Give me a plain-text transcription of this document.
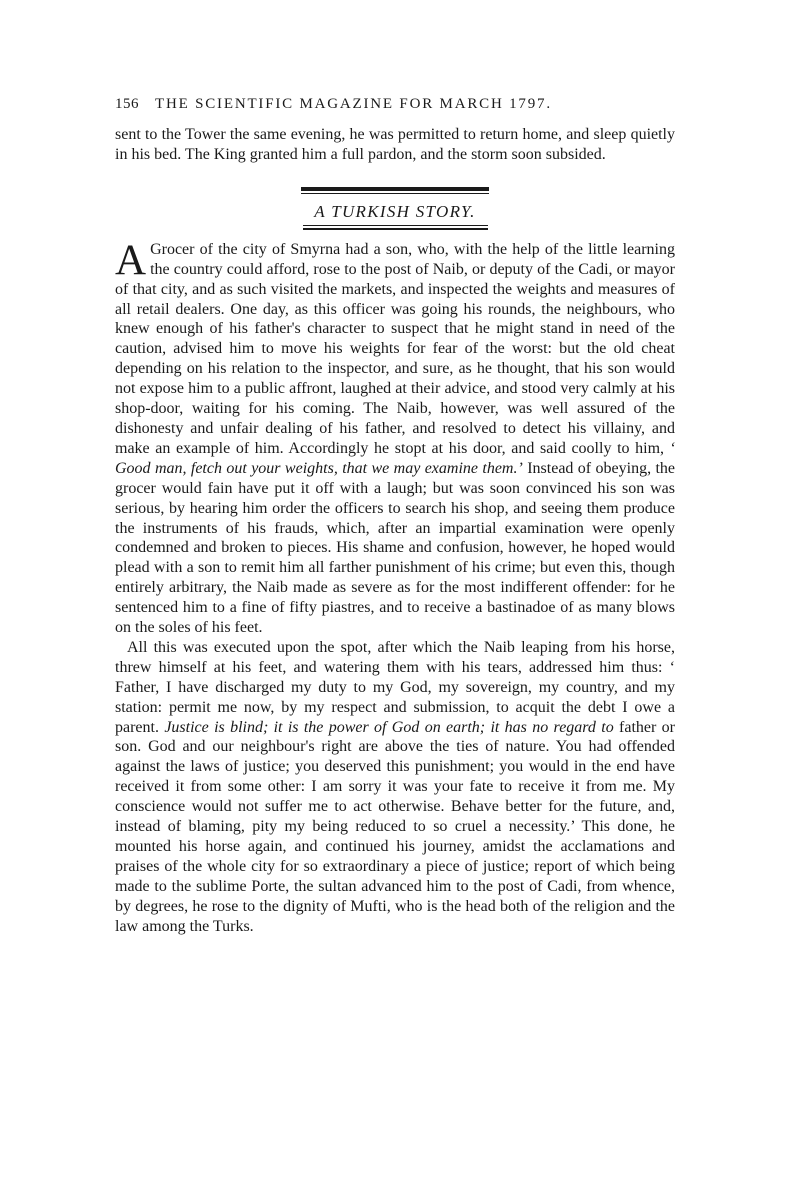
156 THE SCIENTIFIC MAGAZINE FOR MARCH 1797.

sent to the Tower the same evening, he was permitted to return home, and sleep quietly in his bed. The King granted him a full pardon, and the storm soon subsided.

A TURKISH STORY.

A Grocer of the city of Smyrna had a son, who, with the help of the little learning the country could afford, rose to the post of Naib, or deputy of the Cadi, or mayor of that city, and as such visited the markets, and inspected the weights and measures of all retail dealers. One day, as this officer was going his rounds, the neighbours, who knew enough of his father's character to suspect that he might stand in need of the caution, advised him to move his weights for fear of the worst: but the old cheat depending on his relation to the inspector, and sure, as he thought, that his son would not expose him to a public affront, laughed at their advice, and stood very calmly at his shop-door, waiting for his coming. The Naib, however, was well assured of the dishonesty and unfair dealing of his father, and resolved to detect his villainy, and make an example of him. Accordingly he stopt at his door, and said coolly to him, ‘ Good man, fetch out your weights, that we may examine them.’ Instead of obeying, the grocer would fain have put it off with a laugh; but was soon convinced his son was serious, by hearing him order the officers to search his shop, and seeing them produce the instruments of his frauds, which, after an impartial examination were openly condemned and broken to pieces. His shame and confusion, however, he hoped would plead with a son to remit him all farther punishment of his crime; but even this, though entirely arbitrary, the Naib made as severe as for the most indifferent offender: for he sentenced him to a fine of fifty piastres, and to receive a bastinadoe of as many blows on the soles of his feet.

All this was executed upon the spot, after which the Naib leaping from his horse, threw himself at his feet, and watering them with his tears, addressed him thus: ‘ Father, I have discharged my duty to my God, my sovereign, my country, and my station: permit me now, by my respect and submission, to acquit the debt I owe a parent. Justice is blind; it is the power of God on earth; it has no regard to father or son. God and our neighbour's right are above the ties of nature. You had offended against the laws of justice; you deserved this punishment; you would in the end have received it from some other: I am sorry it was your fate to receive it from me. My conscience would not suffer me to act otherwise. Behave better for the future, and, instead of blaming, pity my being reduced to so cruel a necessity.’ This done, he mounted his horse again, and continued his journey, amidst the acclamations and praises of the whole city for so extraordinary a piece of justice; report of which being made to the sublime Porte, the sultan advanced him to the post of Cadi, from whence, by degrees, he rose to the dignity of Mufti, who is the head both of the religion and the law among the Turks.
